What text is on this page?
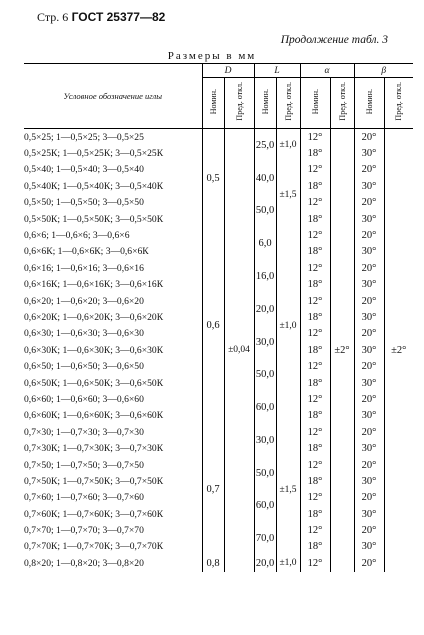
Стр. 6 ГОСТ 25377—82
Продолжение табл. 3
Размеры в мм
Условное обозначение иглы	D		L		α		β	
	Номин.	Пред. откл.	Номин.	Пред. откл.	Номин.	Пред. откл.	Номин.	Пред. откл.
0,5×25; 1—0,5×25; 3—0,5×25	0,5	±0,04	25,0	±1,0	12°	±2°	20°	±2°
0,5×25К; 1—0,5×25К; 3—0,5×25К					18°		30°	
0,5×40; 1—0,5×40; 3—0,5×40			40,0	±1,5	12°		20°	
0,5×40К; 1—0,5×40К; 3—0,5×40К					18°		30°	
0,5×50; 1—0,5×50; 3—0,5×50			50,0		12°		20°	
0,5×50К; 1—0,5×50К; 3—0,5×50К					18°		30°	
0,6×6; 1—0,6×6; 3—0,6×6	0,6		6,0	±1,0	12°		20°	
0,6×6К; 1—0,6×6К; 3—0,6×6К					18°		30°	
0,6×16; 1—0,6×16; 3—0,6×16			16,0		12°		20°	
0,6×16К; 1—0,6×16К; 3—0,6×16К					18°		30°	
0,6×20; 1—0,6×20; 3—0,6×20			20,0		12°		20°	
0,6×20К; 1—0,6×20К; 3—0,6×20К					18°		30°	
0,6×30; 1—0,6×30; 3—0,6×30			30,0		12°		20°	
0,6×30К; 1—0,6×30К; 3—0,6×30К					18°		30°	
0,6×50; 1—0,6×50; 3—0,6×50			50,0		12°		20°	
0,6×50К; 1—0,6×50К; 3—0,6×50К					18°		30°	
0,6×60; 1—0,6×60; 3—0,6×60			60,0		12°		20°	
0,6×60К; 1—0,6×60К; 3—0,6×60К					18°		30°	
0,7×30; 1—0,7×30; 3—0,7×30	0,7		30,0	±1,5	12°		20°	
0,7×30К; 1—0,7×30К; 3—0,7×30К					18°		30°	
0,7×50; 1—0,7×50; 3—0,7×50			50,0		12°		20°	
0,7×50К; 1—0,7×50К; 3—0,7×50К					18°		30°	
0,7×60; 1—0,7×60; 3—0,7×60			60,0		12°		20°	
0,7×60К; 1—0,7×60К; 3—0,7×60К					18°		30°	
0,7×70; 1—0,7×70; 3—0,7×70			70,0		12°		20°	
0,7×70К; 1—0,7×70К; 3—0,7×70К					18°		30°	
0,8×20; 1—0,8×20; 3—0,8×20	0,8		20,0	±1,0	12°		20°	
